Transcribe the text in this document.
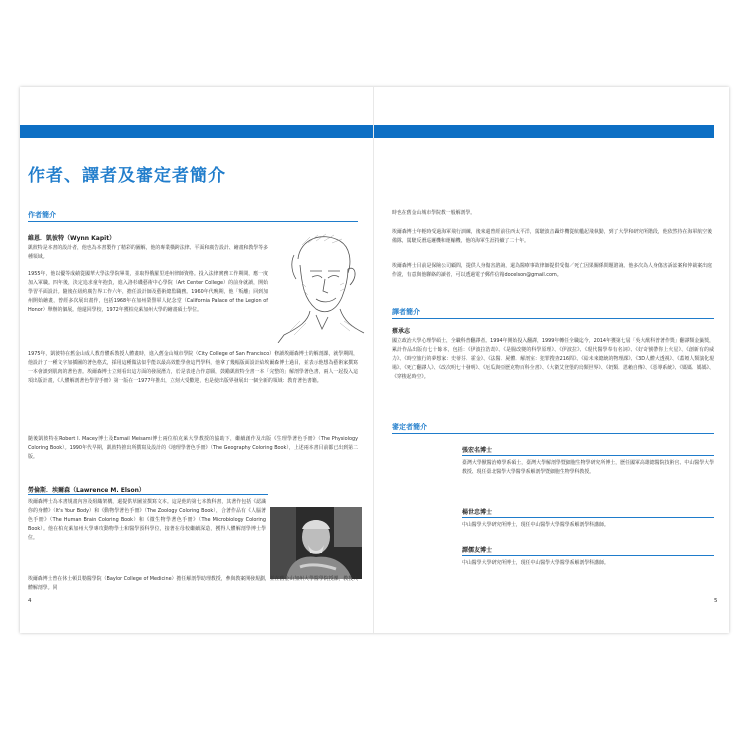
作者、譯者及審定者簡介
作者簡介
維恩．凱彼特（Wynn Kapit）

凱彼特是本書的設計者，他也為本書製作了精彩的圖解，他的專業橫跨法律、平面和廣告設計、繪畫和教學等多種領域。

1955年，他以優等成績從國華大學法學院畢業，並取得俄羅里達州律師資格。投入法律實務工作期間，應一度加入軍職。四年後，決定追求童年抱負，進入洛杉磯藝術中心學院（Art Center College）的前身就讀，開始學習平面設計。隨後在紐約廣告界工作六年，擔任設計師及藝術總監職務。1960年代晚期，他「叛離」回到加州開始繪畫，曾經多次展出畫作，包括1968年在加州榮譽軍人紀念堂（California Palace of the Legion of Honor）舉辦的個展。他還回學校，1972年獲柏克萊加州大學的繪畫碩士學位。

1975年，凱彼特在舊金山成人教育體系教授人體畫時，進入舊金山城市學院（City College of San Francisco）修讀埃爾森博士的解剖課，就學期間，他設計了一種文字加插圖的著色格式，採用這種做法似乎能以最高效能學會這門學科，他拿了幾幅版面設計給埃爾森博士過目，並表示他想為藝術家撰寫一本會談到肌肉的著色書。埃爾森博士立刻看出這方面的發展潛力，於是表達合作意願，鼓勵凱彼特全書一本「完整的」解剖學著色書，兩人一起投入這項出版計畫，《人體解剖著色學習手冊》第一版在一1977年推出，立刻大受歡迎，也是使出版界發展出一個全新的領域：教育著色書籍。

隨後凱彼特在Robert I. Macey博士及Esmail Meisami博士兩位柏克萊大學教授的協助下，繼續創作及出版《生理學著色手冊》（The Physiology Coloring Book）。1990年代早期，凱彼特推出所撰寫及設計的《地理學著色手冊》（The Geography Coloring Book），上述兩本書目前都已出到第二版。

勞倫斯．埃爾森（Lawrence M. Elson）

埃爾森博士為本書規畫內容及組織架構，還提供草圖並撰寫文本。這是他的第七本教科書，其著作包括《認識你的身體》（It's Your Body）和《動物學著色手冊》（The Zoology Coloring Book），合著作品有《人腦著色手冊》（The Human Brain Coloring Book）和《微生物學著色手冊》（The Microbiology Coloring Book）。他在柏克萊加州大學專攻動物學士和醫學預科學位，接著在母校繼續深造，獲得人體解剖學博士學位。

埃爾森博士曾在休士頓貝勒醫學院（Baylor College of Medicine）擔任解剖學助理教授，參與教案開發規劃，並在舊金山加州大學醫學院授課，教授大體解剖學。同

4

時也在舊金山城市學院教一般解剖學。

埃爾森博士年輕時受過海軍飛行訓練，後來還曾經前往西太平洋，駕駛波音轟炸機從航艦起飛執勤，到了大學和研究所階段，他依然待在海軍航空後備隊，駕駛反潛巡邏機和運輸機，他的海軍生涯持續了二十年。

埃爾森博士目前是保險公司顧問，提供人身傷害諮詢，還為醫療事故律師提供受傷／死亡因果關係問題諮詢。他多次為人身傷害訴訟案和仲裁案出庭作證，有意與他聯絡的讀者，可以透過電子郵件信箱docelson@gmail.com。

譯者簡介
蔡承志

國立政治大學心理學碩士，全職科普翻譯者。1994年開始投入翻譯，1999年轉任全職迄今，2014年獲第七屆「吳大猷科普著作獎」翻譯類金籤獎，累計作品出版有七十餘本，包括：《伊波拉浩劫》、《是腸改變的科學原理》、《伊波拉》、《現代醫學奉有名詞》、《好奇號帶你上火星》、《創新有的威力》、《時空旅行的夢想家：史蒂芬．霍金》、《法醫．屍體．解剖室：犯罪搜查216問》、《給未來總統的物理課》、《3D人體大透視》、《蓋婭人類演化現場》、《死亡翻譯人》、《改次明七十發明》、《厄瓜與亞歷克物百科全書》、《大衛艾登堡的烏類世界》、《奶類．恩賴自傳》、《惡導系統》、《媽媽．媽媽》、《穿梭起時空》。

審定者簡介
張宏名博士

臺灣大學獸醫治療學系碩士，臺灣大學解剖學暨細胞生物學研究所博士，歷任國軍高雄總醫院技術官、中山醫學大學教授、現任臺北醫學大學醫學系解剖學暨細胞生物學科教授。

楊世忠博士

中山醫學大學研究所博士，現任中山醫學大學醫學系解剖學科講師。

譚儒友博士

中山醫學大學研究所博士，現任中山醫學大學醫學系解剖學科講師。

5
